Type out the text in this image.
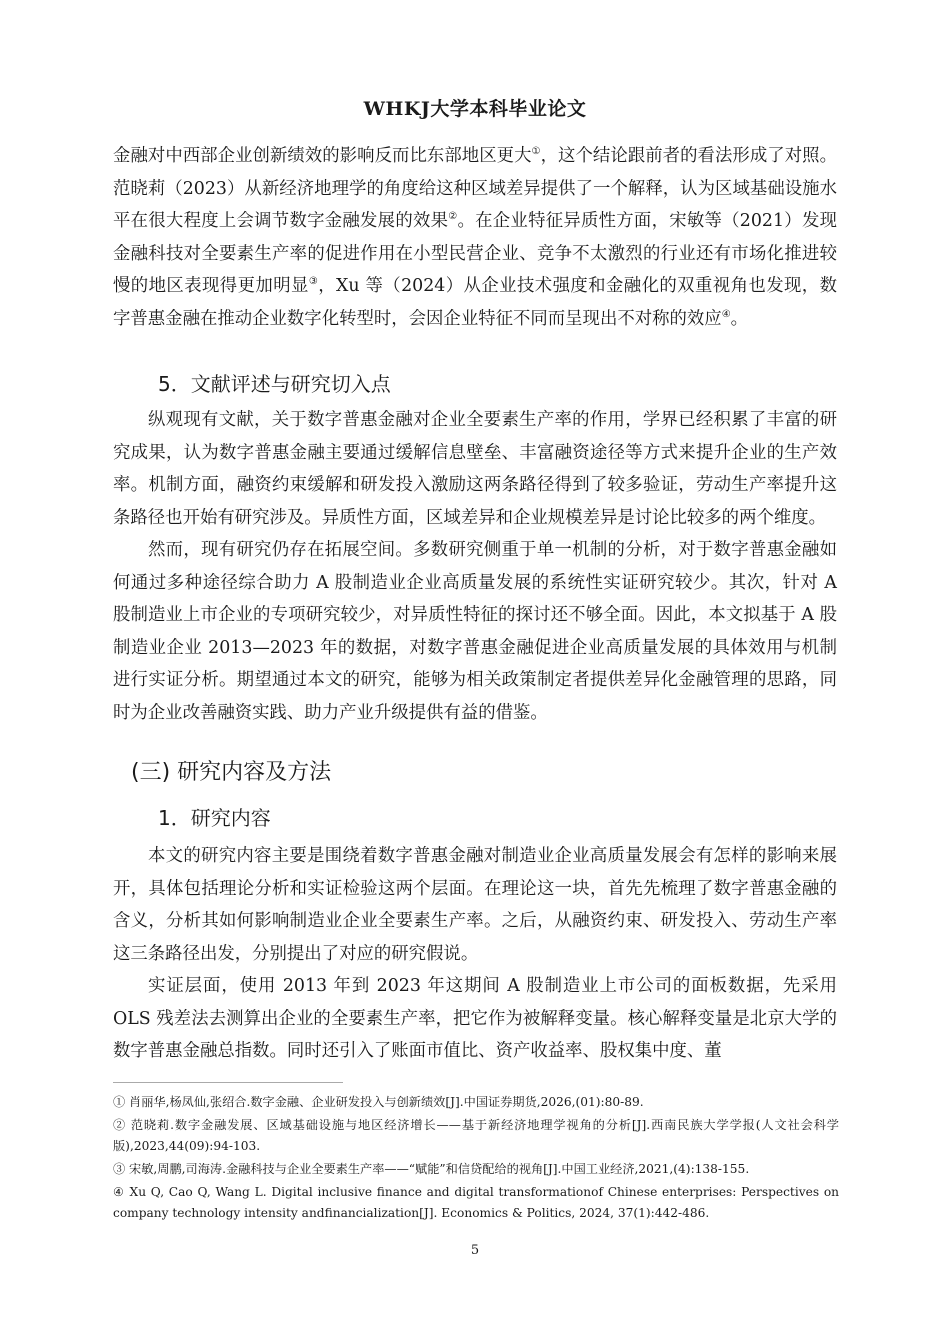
WHKJ大学本科毕业论文

金融对中西部企业创新绩效的影响反而比东部地区更大①，这个结论跟前者的看法形成了对照。范晓莉（2023）从新经济地理学的角度给这种区域差异提供了一个解释，认为区域基础设施水平在很大程度上会调节数字金融发展的效果②。在企业特征异质性方面，宋敏等（2021）发现金融科技对全要素生产率的促进作用在小型民营企业、竞争不太激烈的行业还有市场化推进较慢的地区表现得更加明显③，Xu 等（2024）从企业技术强度和金融化的双重视角也发现，数字普惠金融在推动企业数字化转型时，会因企业特征不同而呈现出不对称的效应④。

5．文献评述与研究切入点

纵观现有文献，关于数字普惠金融对企业全要素生产率的作用，学界已经积累了丰富的研究成果，认为数字普惠金融主要通过缓解信息壁垒、丰富融资途径等方式来提升企业的生产效率。机制方面，融资约束缓解和研发投入激励这两条路径得到了较多验证，劳动生产率提升这条路径也开始有研究涉及。异质性方面，区域差异和企业规模差异是讨论比较多的两个维度。

然而，现有研究仍存在拓展空间。多数研究侧重于单一机制的分析，对于数字普惠金融如何通过多种途径综合助力 A 股制造业企业高质量发展的系统性实证研究较少。其次，针对 A 股制造业上市企业的专项研究较少，对异质性特征的探讨还不够全面。因此，本文拟基于 A 股制造业企业 2013—2023 年的数据，对数字普惠金融促进企业高质量发展的具体效用与机制进行实证分析。期望通过本文的研究，能够为相关政策制定者提供差异化金融管理的思路，同时为企业改善融资实践、助力产业升级提供有益的借鉴。

(三) 研究内容及方法

1．研究内容

本文的研究内容主要是围绕着数字普惠金融对制造业企业高质量发展会有怎样的影响来展开，具体包括理论分析和实证检验这两个层面。在理论这一块，首先先梳理了数字普惠金融的含义，分析其如何影响制造业企业全要素生产率。之后，从融资约束、研发投入、劳动生产率这三条路径出发，分别提出了对应的研究假说。

实证层面，使用 2013 年到 2023 年这期间 A 股制造业上市公司的面板数据，先采用 OLS 残差法去测算出企业的全要素生产率，把它作为被解释变量。核心解释变量是北京大学的数字普惠金融总指数。同时还引入了账面市值比、资产收益率、股权集中度、董

① 肖丽华,杨凤仙,张绍合.数字金融、企业研发投入与创新绩效[J].中国证券期货,2026,(01):80-89.

② 范晓莉.数字金融发展、区域基础设施与地区经济增长——基于新经济地理学视角的分析[J].西南民族大学学报(人文社会科学版),2023,44(09):94-103.

③ 宋敏,周鹏,司海涛.金融科技与企业全要素生产率——“赋能”和信贷配给的视角[J].中国工业经济,2021,(4):138-155.

④ Xu Q, Cao Q, Wang L. Digital inclusive finance and digital transformationof Chinese enterprises: Perspectives on company technology intensity andfinancialization[J]. Economics & Politics, 2024, 37(1):442-486.

5
